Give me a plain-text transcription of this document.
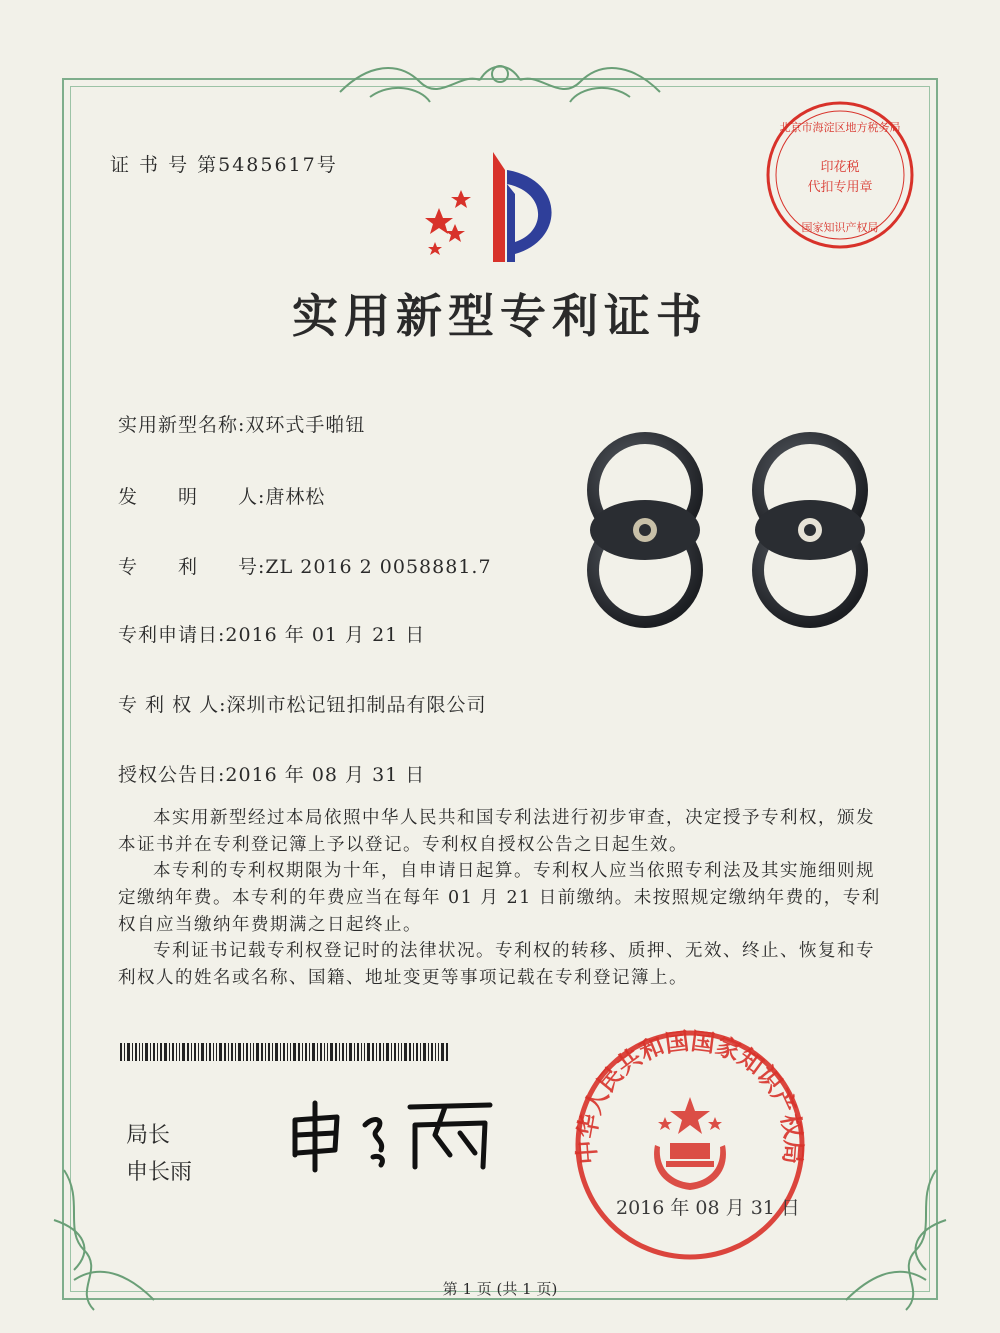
证 书 号 第5485617号	印花税
代扣专用章
北京市海淀区地方税务局
国家知识产权局
实用新型专利证书
实用新型名称:双环式手啪钮
发　　明　　人:唐林松
专　　利　　号:ZL 2016 2 0058881.7
专利申请日:2016 年 01 月 21 日
专 利 权 人:深圳市松记钮扣制品有限公司
授权公告日:2016 年 08 月 31 日

本实用新型经过本局依照中华人民共和国专利法进行初步审查，决定授予专利权，颁发本证书并在专利登记簿上予以登记。专利权自授权公告之日起生效。

本专利的专利权期限为十年，自申请日起算。专利权人应当依照专利法及其实施细则规定缴纳年费。本专利的年费应当在每年 01 月 21 日前缴纳。未按照规定缴纳年费的，专利权自应当缴纳年费期满之日起终止。

专利证书记载专利权登记时的法律状况。专利权的转移、质押、无效、终止、恢复和专利权人的姓名或名称、国籍、地址变更等事项记载在专利登记簿上。

局长
申长雨
中华人民共和国国家知识产权局
2016 年 08 月 31 日
第 1 页 (共 1 页)
